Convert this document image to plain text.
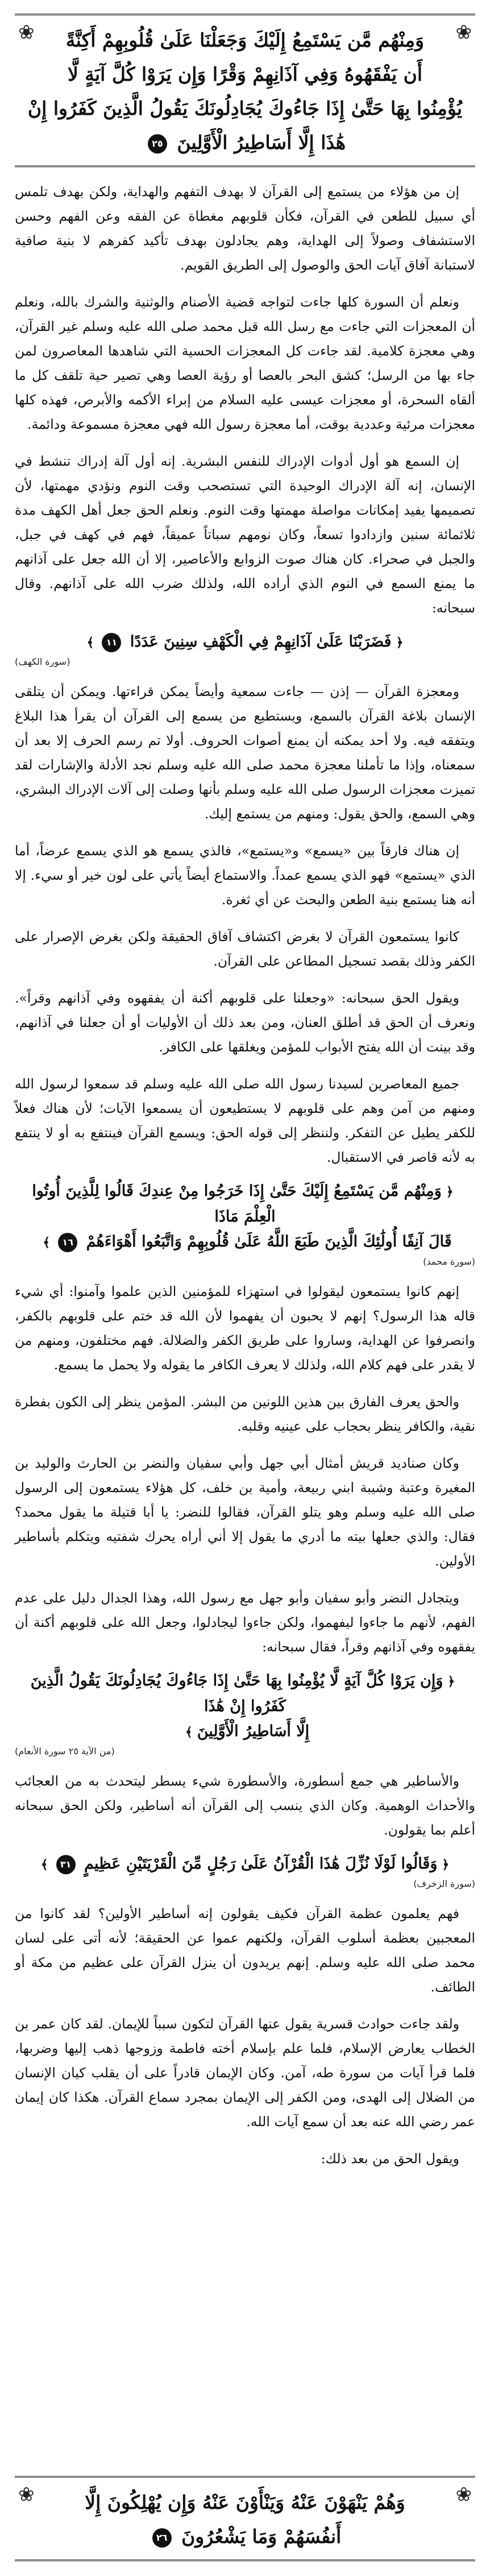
❀
❀	وَمِنْهُم مَّن يَسْتَمِعُ إِلَيْكَ وَجَعَلْنَا عَلَىٰ قُلُوبِهِمْ أَكِنَّةً

أَن يَفْقَهُوهُ وَفِي آذَانِهِمْ وَقْرًا وَإِن يَرَوْا كُلَّ آيَةٍ لَّا

يُؤْمِنُوا بِهَا حَتَّىٰ إِذَا جَاءُوكَ يُجَادِلُونَكَ يَقُولُ الَّذِينَ كَفَرُوا إِنْ

هَٰذَا إِلَّا أَسَاطِيرُ الْأَوَّلِينَ ٢٥

إن من هؤلاء من يستمع إلى القرآن لا بهدف التفهم والهداية، ولكن بهدف تلمس أي سبيل للطعن في القرآن، فكأن قلوبهم مغطاة عن الفقه وعن الفهم وحسن الاستشفاف وصولاً إلى الهداية، وهم يجادلون بهدف تأكيد كفرهم لا بنية صافية لاستبانة آفاق آيات الحق والوصول إلى الطريق القويم.

ونعلم أن السورة كلها جاءت لتواجه قضية الأصنام والوثنية والشرك بالله، ونعلم أن المعجزات التي جاءت مع رسل الله قبل محمد صلى الله عليه وسلم غير القرآن، وهي معجزة كلامية. لقد جاءت كل المعجزات الحسية التي شاهدها المعاصرون لمن جاء بها من الرسل؛ كشق البحر بالعصا أو رؤية العصا وهي تصير حية تلقف كل ما ألقاه السحرة، أو معجزات عيسى عليه السلام من إبراء الأكمه والأبرص، فهذه كلها معجزات مرئية وعددية بوقت، أما معجزة رسول الله فهي معجزة مسموعة ودائمة.

إن السمع هو أول أدوات الإدراك للنفس البشرية. إنه أول آلة إدراك تنشط في الإنسان، إنه آلة الإدراك الوحيدة التي تستصحب وقت النوم ونؤدي مهمتها، لأن تصميمها يفيد إمكانات مواصلة مهمتها وقت النوم. ونعلم الحق جعل أهل الكهف مدة ثلاثمائة سنين وازدادوا تسعاً، وكان نومهم سباتاً عميقاً، فهم في كهف في جبل، والجبل في صحراء. كان هناك صوت الزوابع والأعاصير، إلا أن الله جعل على آذانهم ما يمنع السمع في النوم الذي أراده الله، ولذلك ضرب الله على آذانهم. وقال سبحانه:

﴿فَضَرَبْنَا عَلَىٰ آذَانِهِمْ فِي الْكَهْفِ سِنِينَ عَدَدًا ١١﴾

(سورة الكهف)

ومعجزة القرآن — إذن — جاءت سمعية وأيضاً يمكن قراءتها. ويمكن أن يتلقى الإنسان بلاغة القرآن بالسمع، ويستطيع من يسمع إلى القرآن أن يقرأ هذا البلاغ ويتفقه فيه. ولا أحد يمكنه أن يمنع أصوات الحروف. أولا تم رسم الحرف إلا بعد أن سمعناه، وإذا ما تأملنا معجزة محمد صلى الله عليه وسلم نجد الأدلة والإشارات لقد تميزت معجزات الرسول صلى الله عليه وسلم بأنها وصلت إلى آلات الإدراك البشري، وهي السمع، والحق يقول: ومنهم من يستمع إليك.

إن هناك فارقاً بين «يسمع» و«يستمع»، فالذي يسمع هو الذي يسمع عرضاً، أما الذي «يستمع» فهو الذي يسمع عمداً. والاستماع أيضاً يأتي على لون خير أو سيء. إلا أنه هنا يستمع بنية الطعن والبحث عن أي ثغرة.

كانوا يستمعون القرآن لا بغرض اكتشاف آفاق الحقيقة ولكن بغرض الإصرار على الكفر وذلك بقصد تسجيل المطاعن على القرآن.

ويقول الحق سبحانه: «وجعلنا على قلوبهم أكنة أن يفقهوه وفي آذانهم وقراً». ونعرف أن الحق قد أطلق العنان، ومن بعد ذلك أن الأوليات أو أن جعلنا في آذانهم، وقد بينت أن الله يفتح الأبواب للمؤمن ويغلقها على الكافر.

جميع المعاصرين لسيدنا رسول الله صلى الله عليه وسلم قد سمعوا لرسول الله ومنهم من آمن وهم على قلوبهم لا يستطيعون أن يسمعوا الآيات؛ لأن هناك فعلاً للكفر يطيل عن التفكر. ولننظر إلى قوله الحق: ويسمع القرآن فينتفع به أو لا ينتفع به لأنه قاصر في الاستقبال.

﴿وَمِنْهُم مَّن يَسْتَمِعُ إِلَيْكَ حَتَّىٰ إِذَا خَرَجُوا مِنْ عِندِكَ قَالُوا لِلَّذِينَ أُوتُوا الْعِلْمَ مَاذَا
قَالَ آنِفًا أُولَٰئِكَ الَّذِينَ طَبَعَ اللَّهُ عَلَىٰ قُلُوبِهِمْ وَاتَّبَعُوا أَهْوَاءَهُمْ ١٦﴾

(سورة محمد)

إنهم كانوا يستمعون ليقولوا في استهزاء للمؤمنين الذين علموا وآمنوا: أي شيء قاله هذا الرسول؟ إنهم لا يحبون أن يفهموا لأن الله قد ختم على قلوبهم بالكفر، وانصرفوا عن الهداية، وساروا على طريق الكفر والضلالة. فهم مختلفون، ومنهم من لا يقدر على فهم كلام الله، ولذلك لا يعرف الكافر ما يقوله ولا يحمل ما يسمع.

والحق يعرف الفارق بين هذين اللونين من البشر. المؤمن ينظر إلى الكون بفطرة نقية، والكافر ينظر بحجاب على عينيه وقلبه.

وكان صناديد قريش أمثال أبي جهل وأبي سفيان والنضر بن الحارث والوليد بن المغيرة وعتبة وشيبة ابني ربيعة، وأمية بن خلف، كل هؤلاء يستمعون إلى الرسول صلى الله عليه وسلم وهو يتلو القرآن، فقالوا للنضر: يا أبا قتيلة ما يقول محمد؟ فقال: والذي جعلها بيته ما أدري ما يقول إلا أني أراه يحرك شفتيه ويتكلم بأساطير الأولين.

ويتجادل النضر وأبو سفيان وأبو جهل مع رسول الله، وهذا الجدال دليل على عدم الفهم، لأنهم ما جاءوا ليفهموا، ولكن جاءوا ليجادلوا، وجعل الله على قلوبهم أكنة أن يفقهوه وفي آذانهم وقراً، فقال سبحانه:

﴿وَإِن يَرَوْا كُلَّ آيَةٍ لَّا يُؤْمِنُوا بِهَا حَتَّىٰ إِذَا جَاءُوكَ يُجَادِلُونَكَ يَقُولُ الَّذِينَ كَفَرُوا إِنْ هَٰذَا
إِلَّا أَسَاطِيرُ الْأَوَّلِينَ﴾

(من الآية ٢٥ سورة الأنعام)

والأساطير هي جمع أسطورة، والأسطورة شيء يسطر ليتحدث به من العجائب والأحداث الوهمية. وكان الذي ينسب إلى القرآن أنه أساطير، ولكن الحق سبحانه أعلم بما يقولون.

﴿وَقَالُوا لَوْلَا نُزِّلَ هَٰذَا الْقُرْآنُ عَلَىٰ رَجُلٍ مِّنَ الْقَرْيَتَيْنِ عَظِيمٍ ٣١﴾

(سورة الزخرف)

فهم يعلمون عظمة القرآن فكيف يقولون إنه أساطير الأولين؟ لقد كانوا من المعجبين بعظمة أسلوب القرآن، ولكنهم عموا عن الحقيقة؛ لأنه أتى على لسان محمد صلى الله عليه وسلم. إنهم يريدون أن ينزل القرآن على عظيم من مكة أو الطائف.

ولقد جاءت حوادث قسرية يقول عنها القرآن لتكون سبباً للإيمان. لقد كان عمر بن الخطاب يعارض الإسلام، فلما علم بإسلام أخته فاطمة وزوجها ذهب إليها وضربها، فلما قرأ آيات من سورة طه، آمن. وكان الإيمان قادراً على أن يقلب كيان الإنسان من الضلال إلى الهدى، ومن الكفر إلى الإيمان بمجرد سماع القرآن. هكذا كان إيمان عمر رضي الله عنه بعد أن سمع آيات الله.

ويقول الحق من بعد ذلك:

❀
❀	وَهُمْ يَنْهَوْنَ عَنْهُ وَيَنْأَوْنَ عَنْهُ وَإِن يُهْلِكُونَ إِلَّا

أَنفُسَهُمْ وَمَا يَشْعُرُونَ ٢٦
